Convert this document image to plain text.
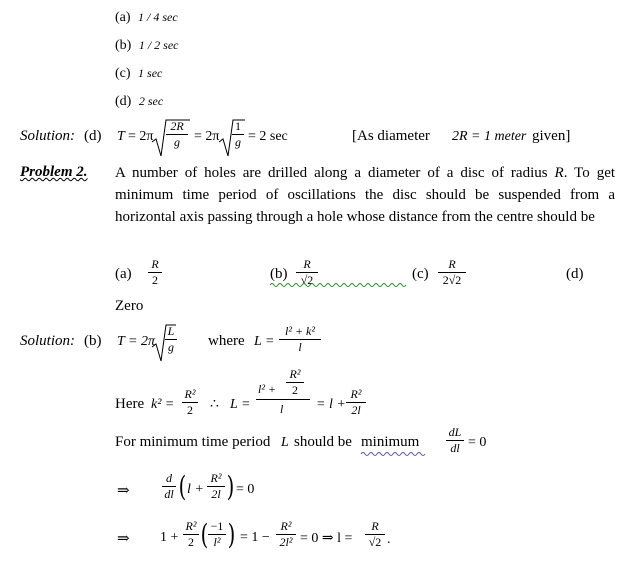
(a) 1 / 4 sec
(b) 1 / 2 sec
(c) 1 sec
(d) 2 sec
Solution: (d) T = 2π
2R
g	= 2π
1
g = 2 sec	[As diameter 2R = 1 meter given]
Problem 2. A number of holes are drilled along a diameter of a disc of radius R. To get minimum time period of oscillations the disc should be suspended from a horizontal axis passing through a hole whose distance from the centre should be
(a)
R
2	(b)
R
√2	(c)
R
2√2	(d)
Zero
Solution: (b) T = 2π
L
g where L =
l² + k²
l
Here k² =
R²
2	∴ L =
l² +
R²
2
l = l +
R²
2l
For minimum time period L should be minimum
dL
dl = 0
⇒
d
dl ( l +
R²
2l ) = 0
⇒ 1 +
R²
2 ( −1
l² ) = 1 −
R²
2l² = 0 ⇒ l =
R
√2 .
